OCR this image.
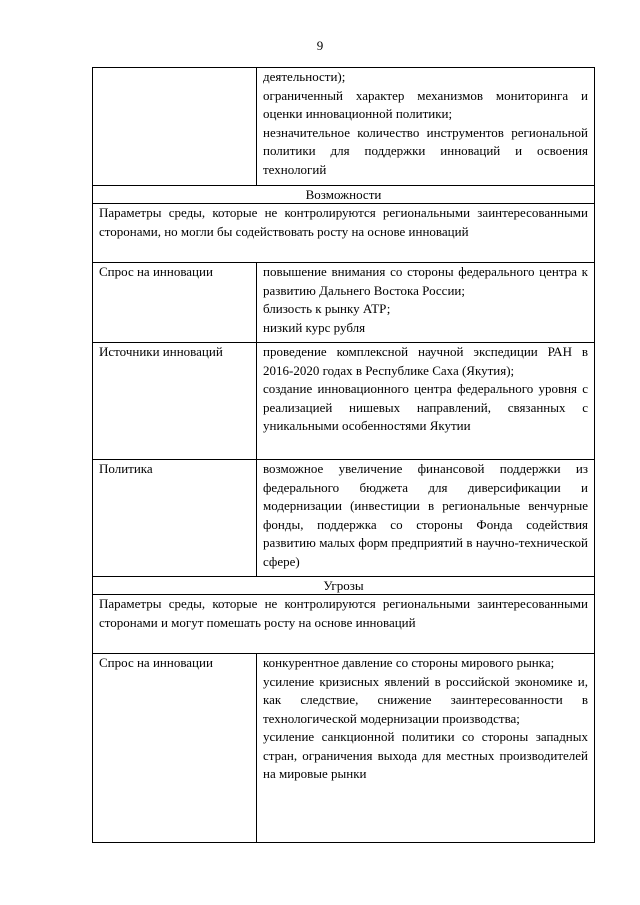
9

	деятельности);

ограниченный характер механизмов мониторинга и оценки инновационной политики;

незначительное количество инструментов региональной политики для поддержки инноваций и освоения технологий

Возможности	
Параметры среды, которые не контролируются региональными заинтересованными сторонами, но могли бы содействовать росту на основе инноваций	
Спрос на инновации	повышение внимания со стороны федерального центра к развитию Дальнего Востока России;

близость к рынку АТР;

низкий курс рубля

Источники инноваций	проведение комплексной научной экспедиции РАН в 2016-2020 годах в Республике Саха (Якутия);

создание инновационного центра федерального уровня с реализацией нишевых направлений, связанных с уникальными особенностями Якутии

Политика	возможное увеличение финансовой поддержки из федерального бюджета для диверсификации и модернизации (инвестиции в региональные венчурные фонды, поддержка со стороны Фонда содействия развитию малых форм предприятий в научно-технической сфере)

Угрозы	
Параметры среды, которые не контролируются региональными заинтересованными сторонами и могут помешать росту на основе инноваций	
Спрос на инновации	конкурентное давление со стороны мирового рынка;

усиление кризисных явлений в российской экономике и, как следствие, снижение заинтересованности в технологической модернизации производства;

усиление санкционной политики со стороны западных стран, ограничения выхода для местных производителей на мировые рынки
